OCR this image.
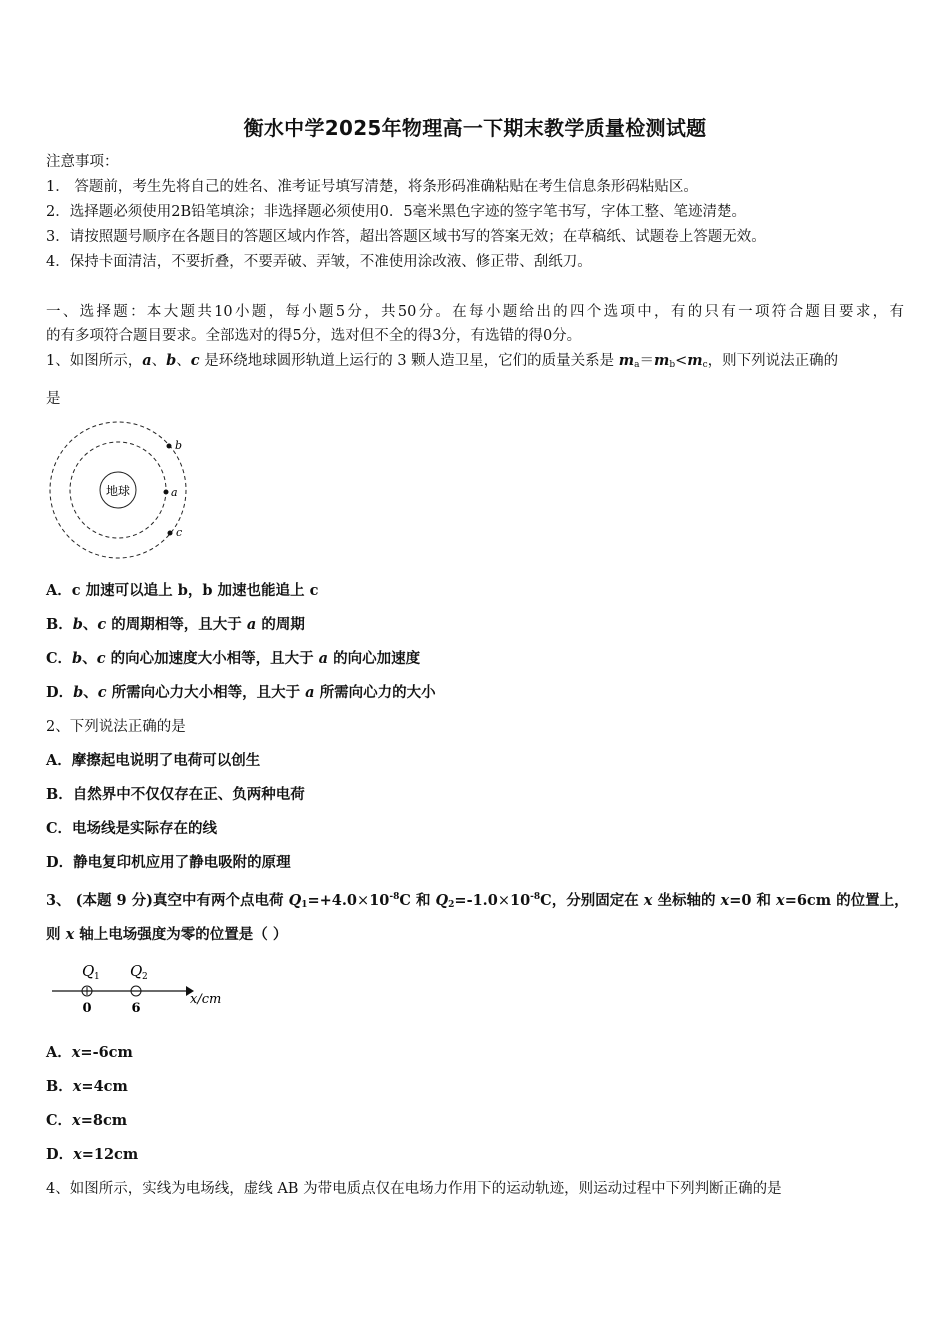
衡水中学2025年物理高一下期末教学质量检测试题
注意事项：
1． 答题前，考生先将自己的姓名、准考证号填写清楚，将条形码准确粘贴在考生信息条形码粘贴区。
2．选择题必须使用2B铅笔填涂；非选择题必须使用0．5毫米黑色字迹的签字笔书写，字体工整、笔迹清楚。
3．请按照题号顺序在各题目的答题区域内作答，超出答题区域书写的答案无效；在草稿纸、试题卷上答题无效。
4．保持卡面清洁，不要折叠，不要弄破、弄皱，不准使用涂改液、修正带、刮纸刀。
一、选择题：本大题共10小题，每小题5分，共50分。在每小题给出的四个选项中，有的只有一项符合题目要求，有
的有多项符合题目要求。全部选对的得5分，选对但不全的得3分，有选错的得0分。
1、如图所示，a、b、c 是环绕地球圆形轨道上运行的 3 颗人造卫星，它们的质量关系是 $m_a=m_b<m_c$，则下列说法正确的
是
地球	a
b
c
A．c 加速可以追上 b，b 加速也能追上 c
B．b、c 的周期相等，且大于 a 的周期
C．b、c 的向心加速度大小相等，且大于 a 的向心加速度
D．b、c 所需向心力大小相等，且大于 a 所需向心力的大小
2、下列说法正确的是
A．摩擦起电说明了电荷可以创生
B．自然界中不仅仅存在正、负两种电荷
C．电场线是实际存在的线
D．静电复印机应用了静电吸附的原理
3、 (本题 9 分)真空中有两个点电荷 $Q_1=+4.0\times 10^{-8}C$ 和 $Q_2=-1.0\times 10^{-8}C$，分别固定在 x 坐标轴的 x=0 和 x=6cm 的位置上，
则 x 轴上电场强度为零的位置是（ ）
Q 1 Q 2
0	6
x/cm
A．x=-6cm
B．x=4cm
C．x=8cm
D．x=12cm
4、如图所示，实线为电场线，虚线 AB 为带电质点仅在电场力作用下的运动轨迹，则运动过程中下列判断正确的是
